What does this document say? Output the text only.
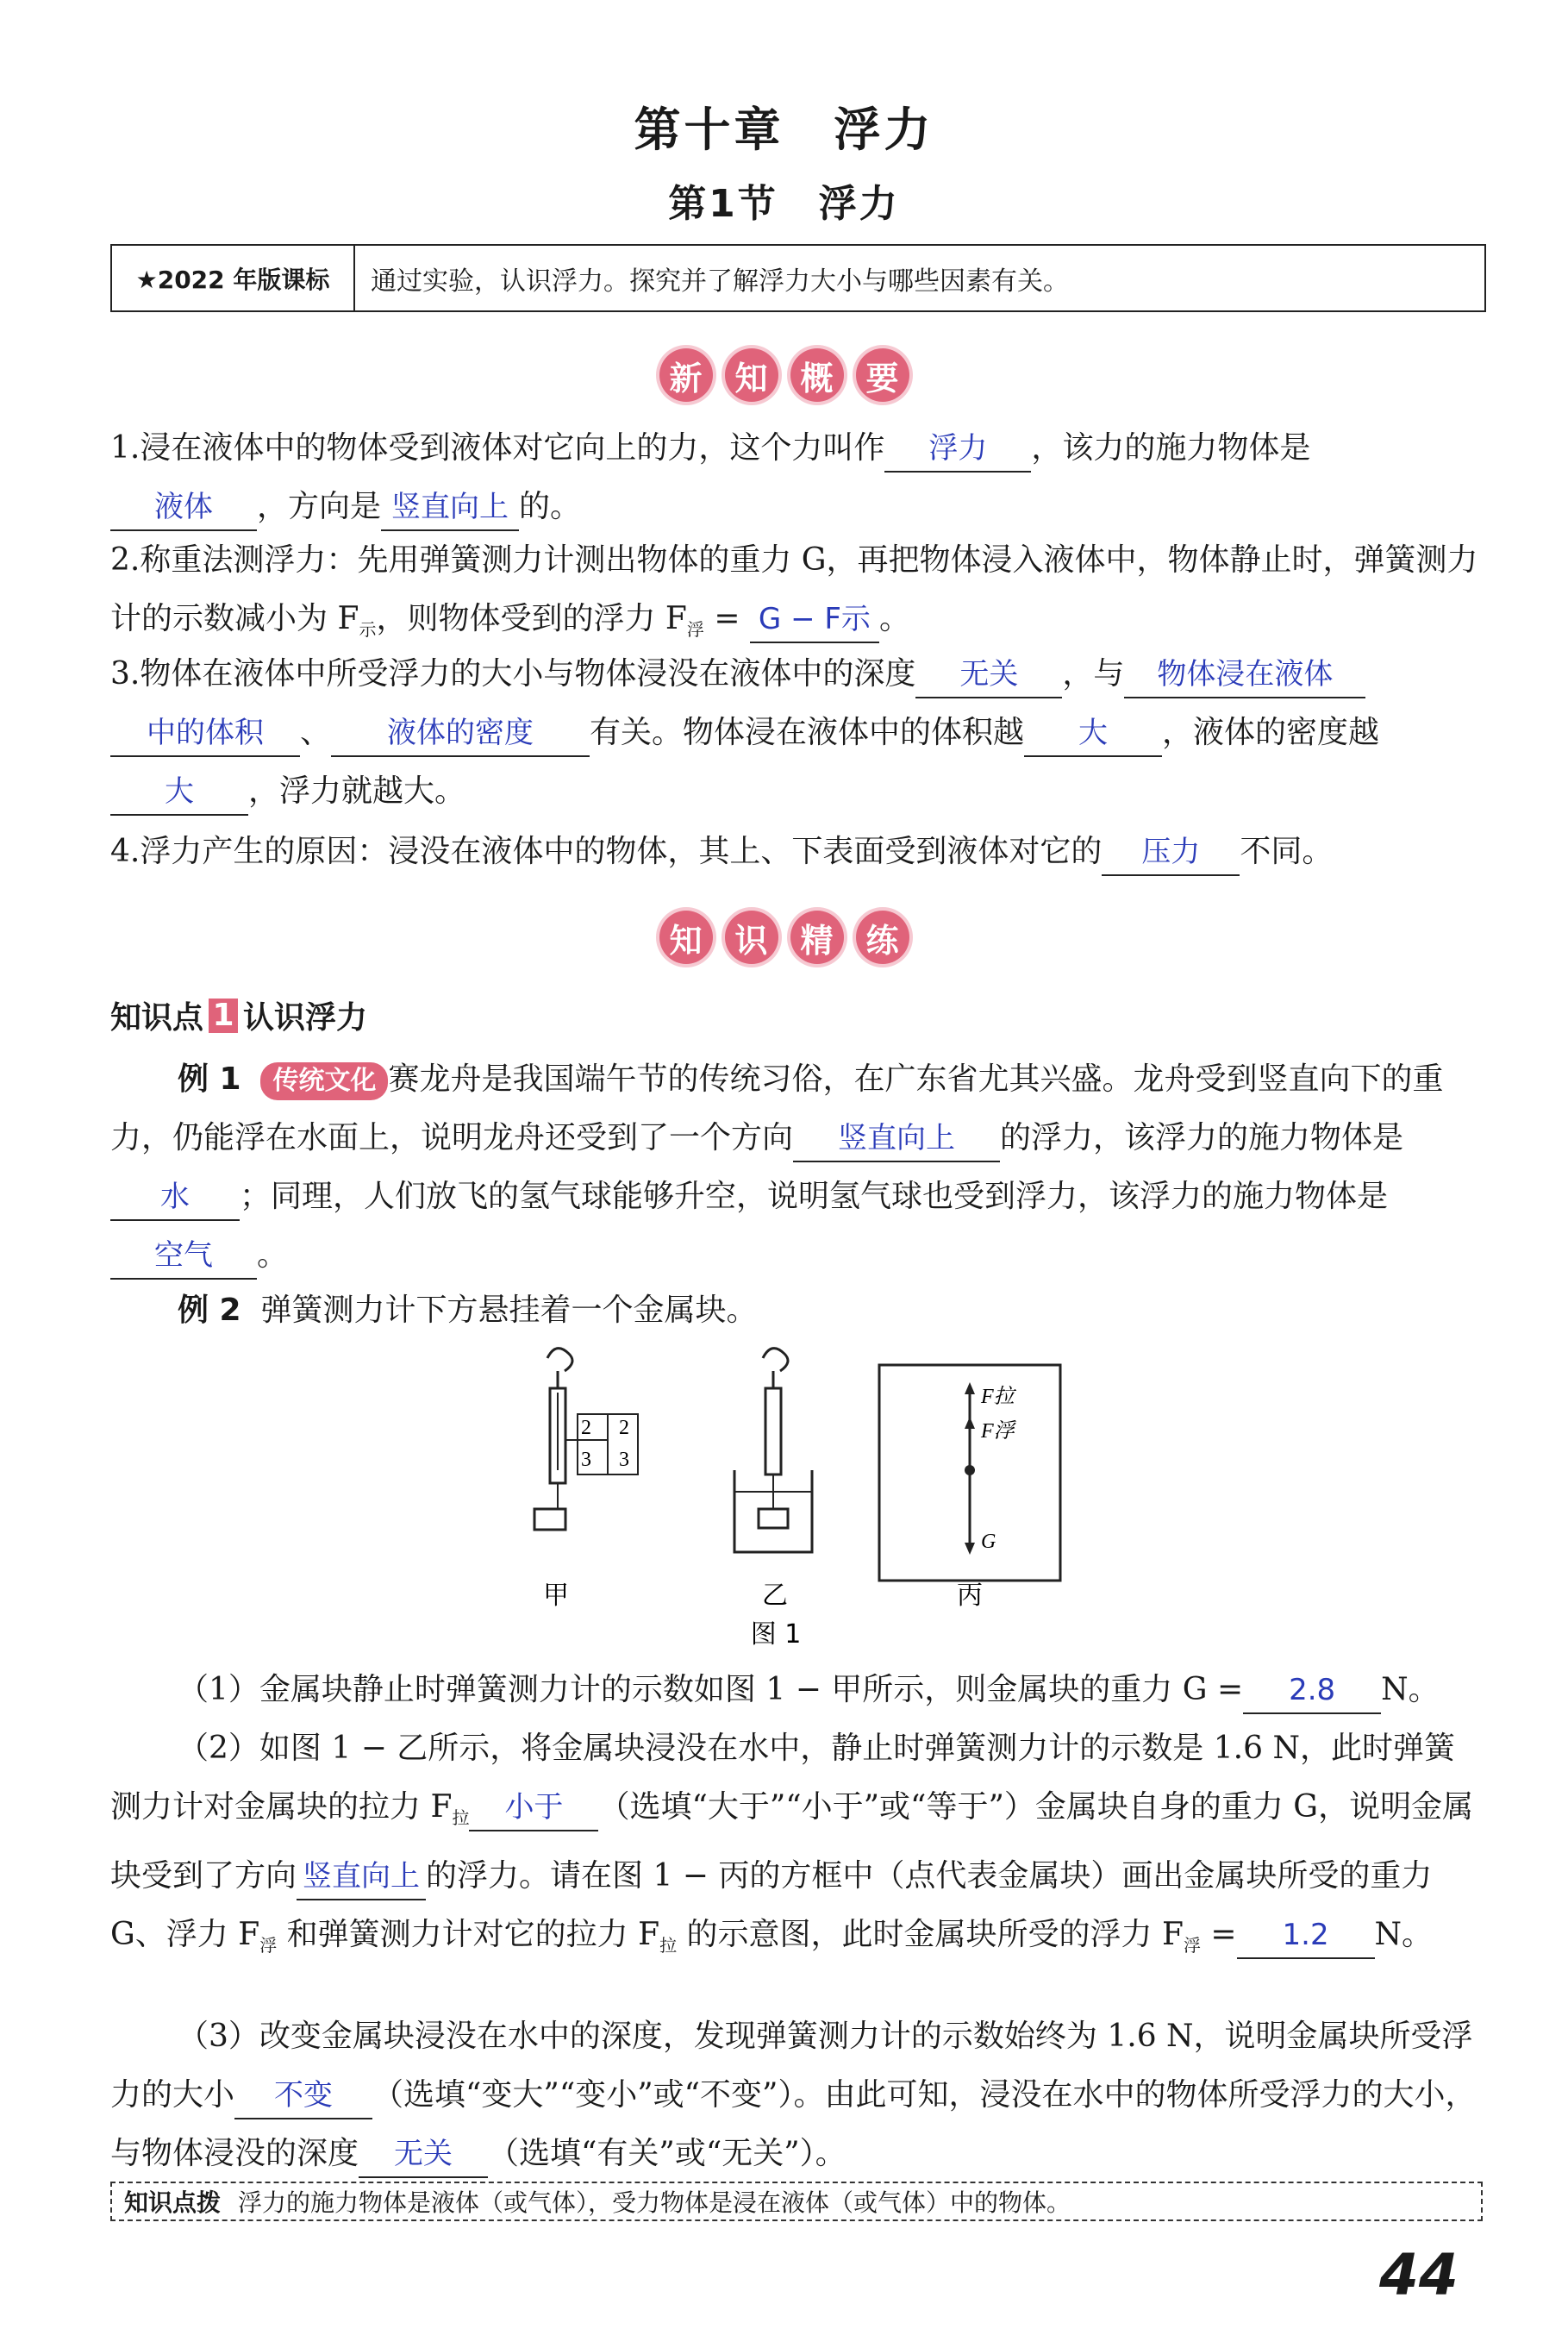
第十章　浮力
第1节　浮力
★2022 年版课标	通过实验，认识浮力。探究并了解浮力大小与哪些因素有关。
新 知 概 要
1.浸在液体中的物体受到液体对它向上的力，这个力叫作 浮力 ，该力的施力物体是
液体 ，方向是 竖直向上 的。
2.称重法测浮力：先用弹簧测力计测出物体的重力 G，再把物体浸入液体中，物体静止时，弹簧测力计的示数减小为 $F_示$，则物体受到的浮力 $F_浮 = G - F$示 。
3.物体在液体中所受浮力的大小与物体浸没在液体中的深度 无关 ，与 物体浸在液体
中的体积 、 液体的密度 有关。物体浸在液体中的体积越 大 ，液体的密度越
大 ，浮力就越大。
4.浮力产生的原因：浸没在液体中的物体，其上、下表面受到液体对它的 压力 不同。
知 识 精 练
知识点 1 认识浮力
例 1 传统文化 赛龙舟是我国端午节的传统习俗，在广东省尤其兴盛。龙舟受到竖直向下的重力，仍能浮在水面上，说明龙舟还受到了一个方向 竖直向上 的浮力，该浮力的施力物体是水 ；同理，人们放飞的氢气球能够升空，说明氢气球也受到浮力，该浮力的施力物体是空气 。
例 2 弹簧测力计下方悬挂着一个金属块。
2
3
2
3
F拉
F浮
G
甲	乙	丙
图 1
（1）金属块静止时弹簧测力计的示数如图 1 − 甲所示，则金属块的重力 G = 2.8 N。
（2）如图 1 − 乙所示，将金属块浸没在水中，静止时弹簧测力计的示数是 1.6 N，此时弹簧测力计对金属块的拉力 $F_拉$ 小于 （选填“大于”“小于”或“等于”）金属块自身的重力 G，说明金属块受到了方向 竖直向上 的浮力。请在图 1 − 丙的方框中（点代表金属块）画出金属块所受的重力 G、浮力 $F_浮$ 和弹簧测力计对它的拉力 $F_拉$ 的示意图，此时金属块所受的浮力 $F_浮 = 1.2$ N。
（3）改变金属块浸没在水中的深度，发现弹簧测力计的示数始终为 1.6 N，说明金属块所受浮力的大小 不变 （选填“变大”“变小”或“不变”）。由此可知，浸没在水中的物体所受浮力的大小，与物体浸没的深度 无关 （选填“有关”或“无关”）。
知识点拨 浮力的施力物体是液体（或气体），受力物体是浸在液体（或气体）中的物体。
44
